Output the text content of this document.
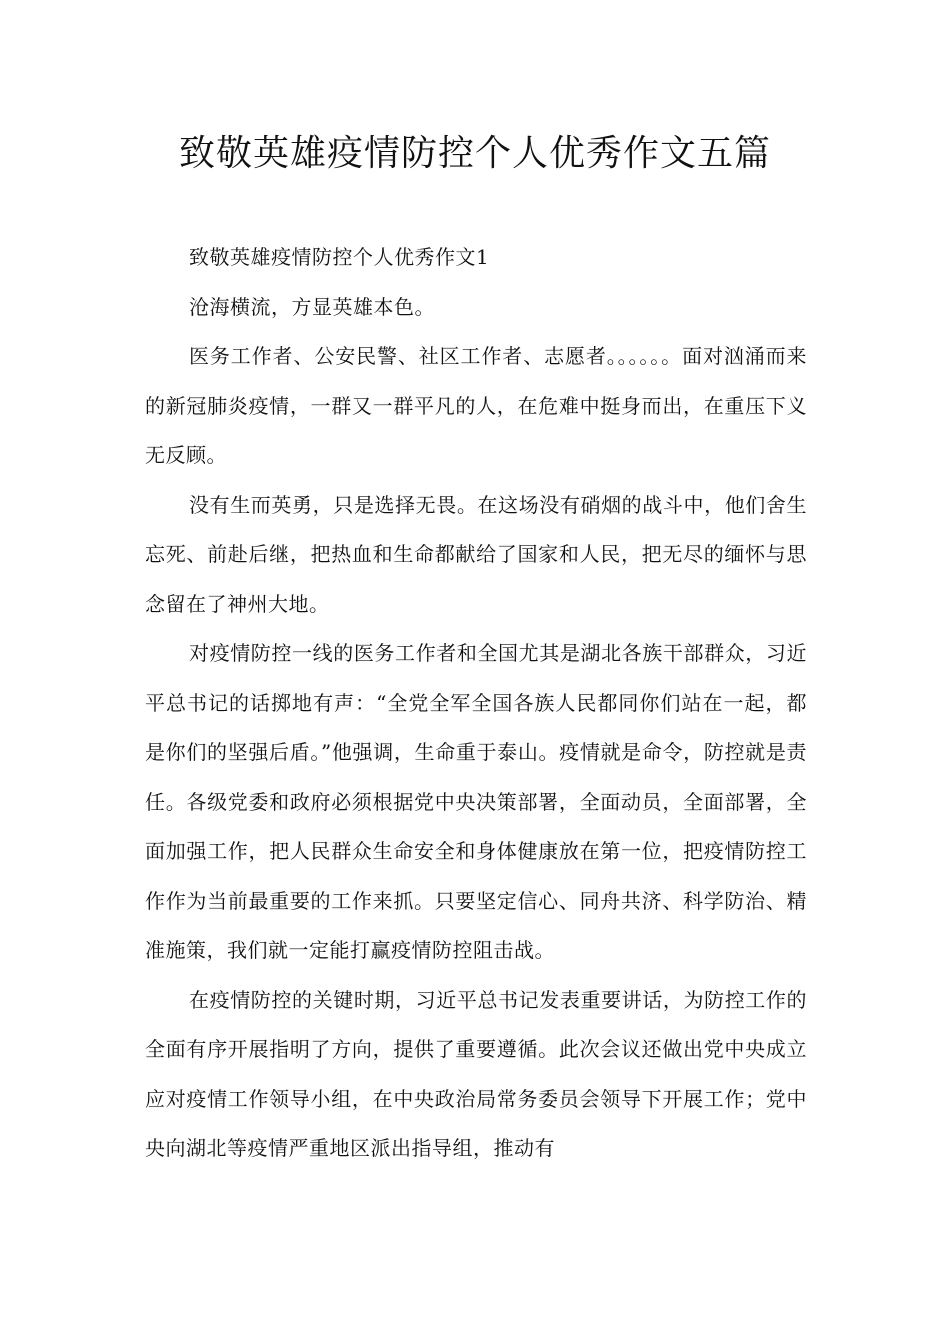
致敬英雄疫情防控个人优秀作文五篇

致敬英雄疫情防控个人优秀作文1

沧海横流，方显英雄本色。

医务工作者、公安民警、社区工作者、志愿者。。。。。。面对汹涌而来的新冠肺炎疫情，一群又一群平凡的人，在危难中挺身而出，在重压下义无反顾。

没有生而英勇，只是选择无畏。在这场没有硝烟的战斗中，他们舍生忘死、前赴后继，把热血和生命都献给了国家和人民，把无尽的缅怀与思念留在了神州大地。

对疫情防控一线的医务工作者和全国尤其是湖北各族干部群众，习近平总书记的话掷地有声：“全党全军全国各族人民都同你们站在一起，都是你们的坚强后盾。”他强调，生命重于泰山。疫情就是命令，防控就是责任。各级党委和政府必须根据党中央决策部署，全面动员，全面部署，全面加强工作，把人民群众生命安全和身体健康放在第一位，把疫情防控工作作为当前最重要的工作来抓。只要坚定信心、同舟共济、科学防治、精准施策，我们就一定能打赢疫情防控阻击战。

在疫情防控的关键时期，习近平总书记发表重要讲话，为防控工作的全面有序开展指明了方向，提供了重要遵循。此次会议还做出党中央成立应对疫情工作领导小组，在中央政治局常务委员会领导下开展工作；党中央向湖北等疫情严重地区派出指导组，推动有
